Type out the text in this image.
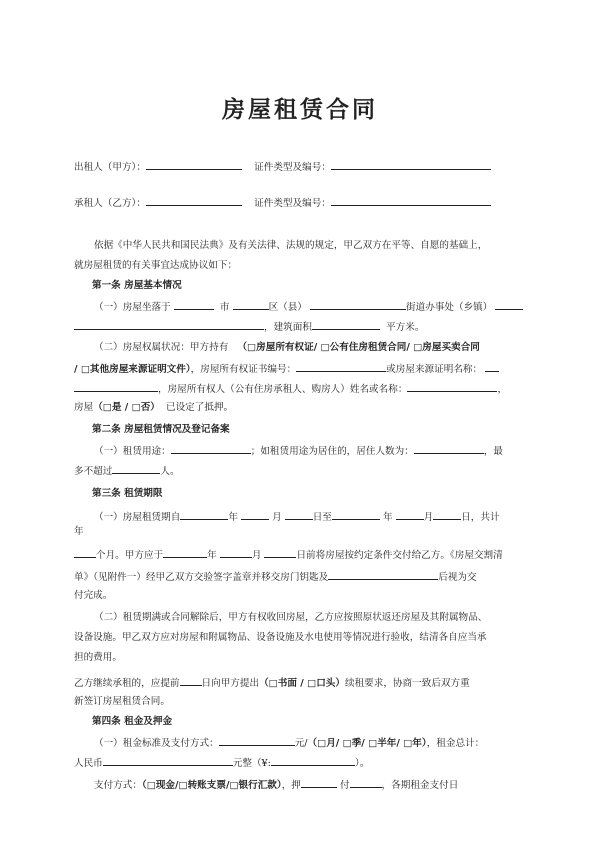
房屋租赁合同
出租人（甲方）：	证件类型及编号：
承租人（乙方）：	证件类型及编号：
依据《中华人民共和国民法典》及有关法律、法规的规定，甲乙双方在平等、自愿的基础上，
就房屋租赁的有关事宜达成协议如下：
第一条 房屋基本情况
（一）房屋坐落于	市	区（县）	街道办事处（乡镇）
，建筑面积	平方米。
（二）房屋权属状况：甲方持有 （□房屋所有权证/ □公有住房租赁合同/ □房屋买卖合同
/ □其他房屋来源证明文件），房屋所有权证书编号：	或房屋来源证明名称：
，房屋所有权人（公有住房承租人、购房人）姓名或名称：	，
房屋（□是 / □否） 已设定了抵押。
第二条 房屋租赁情况及登记备案
（一）租赁用途：	；如租赁用途为居住的，居住人数为：	，最
多不超过	人。
第三条 租赁期限
（一）房屋租赁期自	年	月	日至	年	月	日，共计
年
个月。甲方应于	年	月	日前将房屋按约定条件交付给乙方。《房屋交割清
单》（见附件一）经甲乙双方交验签字盖章并移交房门钥匙及	后视为交
付完成。
（二）租赁期满或合同解除后，甲方有权收回房屋，乙方应按照原状返还房屋及其附属物品、
设备设施。甲乙双方应对房屋和附属物品、设备设施及水电使用等情况进行验收，结清各自应当承
担的费用。
乙方继续承租的，应提前 日向甲方提出（□书面 / □口头）续租要求，协商一致后双方重
新签订房屋租赁合同。
第四条 租金及押金
（一）租金标准及支付方式：	元/（□月/ □季/ □半年/ □年），租金总计：
人民币	元整（¥:	）。
支付方式：（□现金/□转账支票/□银行汇款），押	付	，各期租金支付日
